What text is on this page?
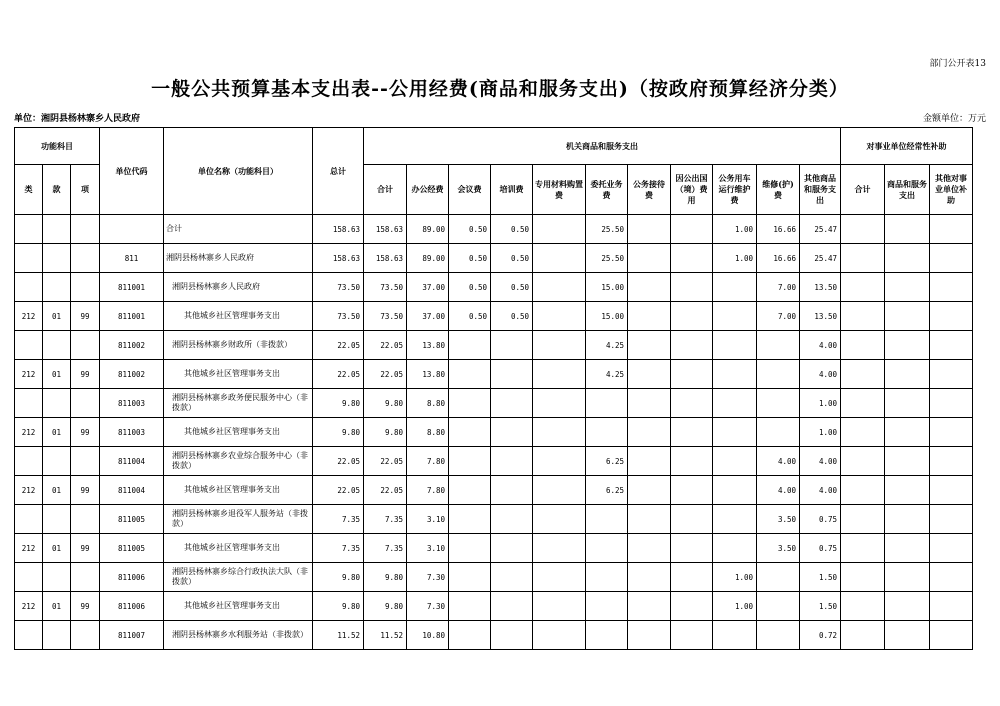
部门公开表13
一般公共预算基本支出表--公用经费(商品和服务支出)（按政府预算经济分类）
单位：湘阴县杨林寨乡人民政府	金额单位：万元
功能科目			单位代码	单位名称（功能科目）	总计	机关商品和服务支出											对事业单位经常性补助		
类	款	项				合计	办公经费	会议费	培训费	专用材料购置费	委托业务费	公务接待费	因公出国（境）费用	公务用车运行维护费	维修(护)费	其他商品和服务支出	合计	商品和服务支出	其他对事业单位补助
				合计	158.63	158.63	89.00	0.50	0.50		25.50			1.00	16.66	25.47			
			811	湘阴县杨林寨乡人民政府	158.63	158.63	89.00	0.50	0.50		25.50			1.00	16.66	25.47			
			811001	湘阴县杨林寨乡人民政府	73.50	73.50	37.00	0.50	0.50		15.00				7.00	13.50			
212	01	99	811001	其他城乡社区管理事务支出	73.50	73.50	37.00	0.50	0.50		15.00				7.00	13.50			
			811002	湘阴县杨林寨乡财政所（非拨款）	22.05	22.05	13.80				4.25					4.00			
212	01	99	811002	其他城乡社区管理事务支出	22.05	22.05	13.80				4.25					4.00			
			811003	湘阴县杨林寨乡政务便民服务中心（非拨款）	9.80	9.80	8.80									1.00			
212	01	99	811003	其他城乡社区管理事务支出	9.80	9.80	8.80									1.00			
			811004	湘阴县杨林寨乡农业综合服务中心（非拨款）	22.05	22.05	7.80				6.25				4.00	4.00			
212	01	99	811004	其他城乡社区管理事务支出	22.05	22.05	7.80				6.25				4.00	4.00			
			811005	湘阴县杨林寨乡退役军人服务站（非拨款）	7.35	7.35	3.10								3.50	0.75			
212	01	99	811005	其他城乡社区管理事务支出	7.35	7.35	3.10								3.50	0.75			
			811006	湘阴县杨林寨乡综合行政执法大队（非拨款）	9.80	9.80	7.30							1.00		1.50			
212	01	99	811006	其他城乡社区管理事务支出	9.80	9.80	7.30							1.00		1.50			
			811007	湘阴县杨林寨乡水利服务站（非拨款）	11.52	11.52	10.80									0.72			
